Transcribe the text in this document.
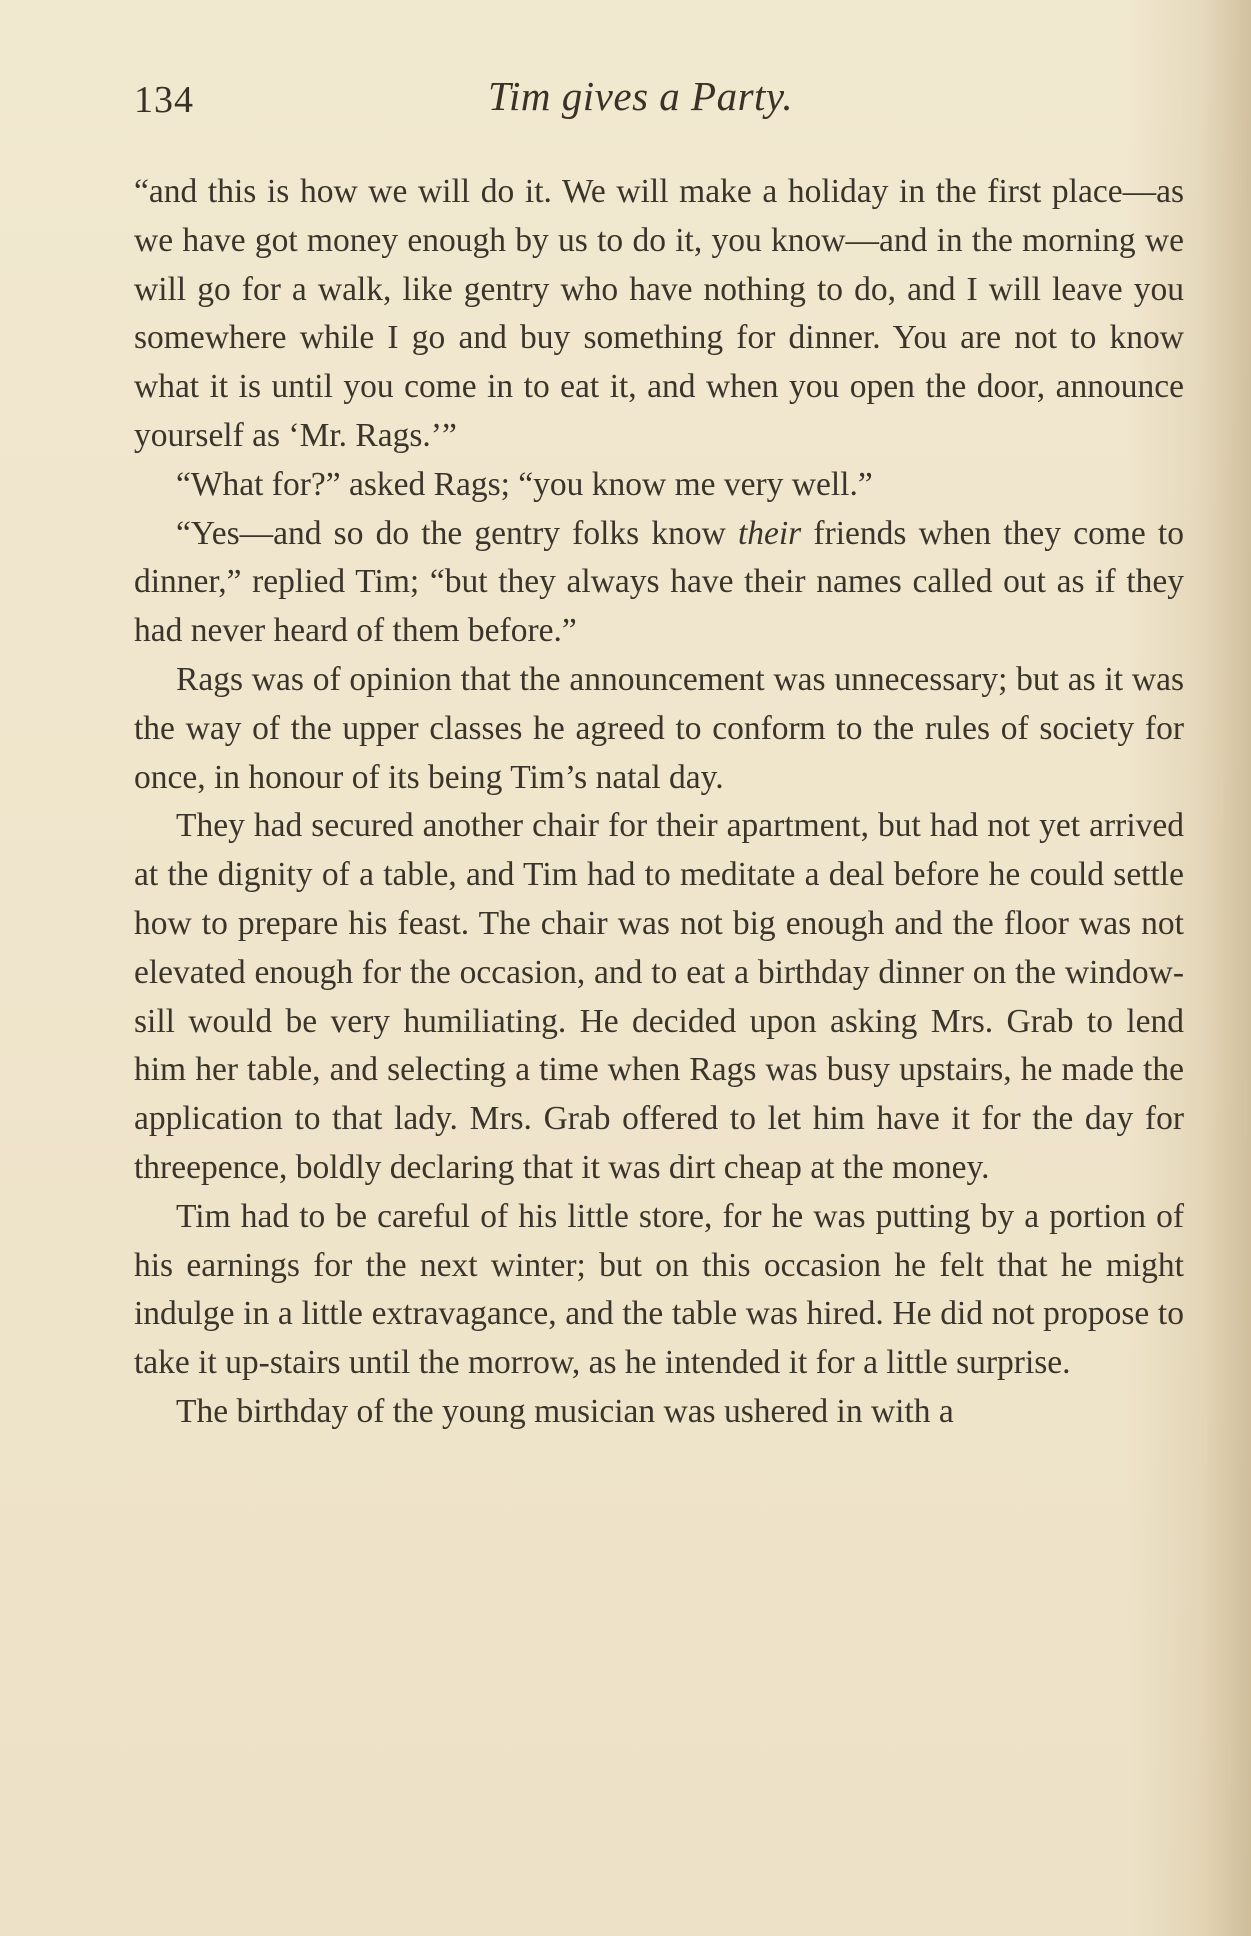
134	Tim gives a Party.

“and this is how we will do it. We will make a holiday in the first place—as we have got money enough by us to do it, you know—and in the morning we will go for a walk, like gentry who have nothing to do, and I will leave you somewhere while I go and buy something for dinner. You are not to know what it is until you come in to eat it, and when you open the door, announce yourself as ‘Mr. Rags.’”

“What for?” asked Rags; “you know me very well.”

“Yes—and so do the gentry folks know their friends when they come to dinner,” replied Tim; “but they always have their names called out as if they had never heard of them before.”

Rags was of opinion that the announcement was unnecessary; but as it was the way of the upper classes he agreed to conform to the rules of society for once, in honour of its being Tim’s natal day.

They had secured another chair for their apartment, but had not yet arrived at the dignity of a table, and Tim had to meditate a deal before he could settle how to prepare his feast. The chair was not big enough and the floor was not elevated enough for the occasion, and to eat a birthday dinner on the window-sill would be very humiliating. He decided upon asking Mrs. Grab to lend him her table, and selecting a time when Rags was busy upstairs, he made the application to that lady. Mrs. Grab offered to let him have it for the day for threepence, boldly declaring that it was dirt cheap at the money.

Tim had to be careful of his little store, for he was putting by a portion of his earnings for the next winter; but on this occasion he felt that he might indulge in a little extravagance, and the table was hired. He did not propose to take it up-stairs until the morrow, as he intended it for a little surprise.

The birthday of the young musician was ushered in with a
